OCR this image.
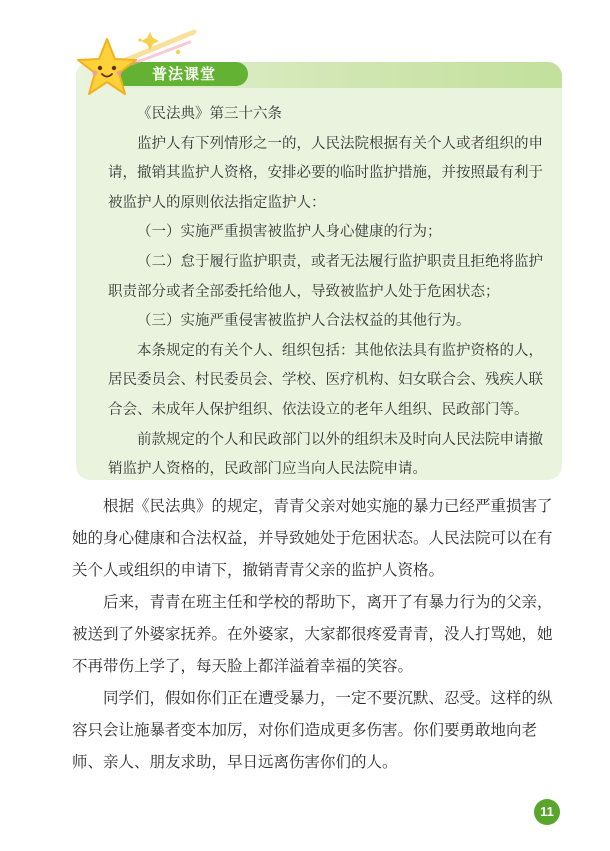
普法课堂

《民法典》第三十六条

监护人有下列情形之一的，人民法院根据有关个人或者组织的申请，撤销其监护人资格，安排必要的临时监护措施，并按照最有利于被监护人的原则依法指定监护人：

（一）实施严重损害被监护人身心健康的行为；

（二）怠于履行监护职责，或者无法履行监护职责且拒绝将监护职责部分或者全部委托给他人，导致被监护人处于危困状态；

（三）实施严重侵害被监护人合法权益的其他行为。

本条规定的有关个人、组织包括：其他依法具有监护资格的人，居民委员会、村民委员会、学校、医疗机构、妇女联合会、残疾人联合会、未成年人保护组织、依法设立的老年人组织、民政部门等。

前款规定的个人和民政部门以外的组织未及时向人民法院申请撤销监护人资格的，民政部门应当向人民法院申请。

根据《民法典》的规定，青青父亲对她实施的暴力已经严重损害了她的身心健康和合法权益，并导致她处于危困状态。人民法院可以在有关个人或组织的申请下，撤销青青父亲的监护人资格。

后来，青青在班主任和学校的帮助下，离开了有暴力行为的父亲，被送到了外婆家抚养。在外婆家，大家都很疼爱青青，没人打骂她，她不再带伤上学了，每天脸上都洋溢着幸福的笑容。

同学们，假如你们正在遭受暴力，一定不要沉默、忍受。这样的纵容只会让施暴者变本加厉，对你们造成更多伤害。你们要勇敢地向老师、亲人、朋友求助，早日远离伤害你们的人。

11
